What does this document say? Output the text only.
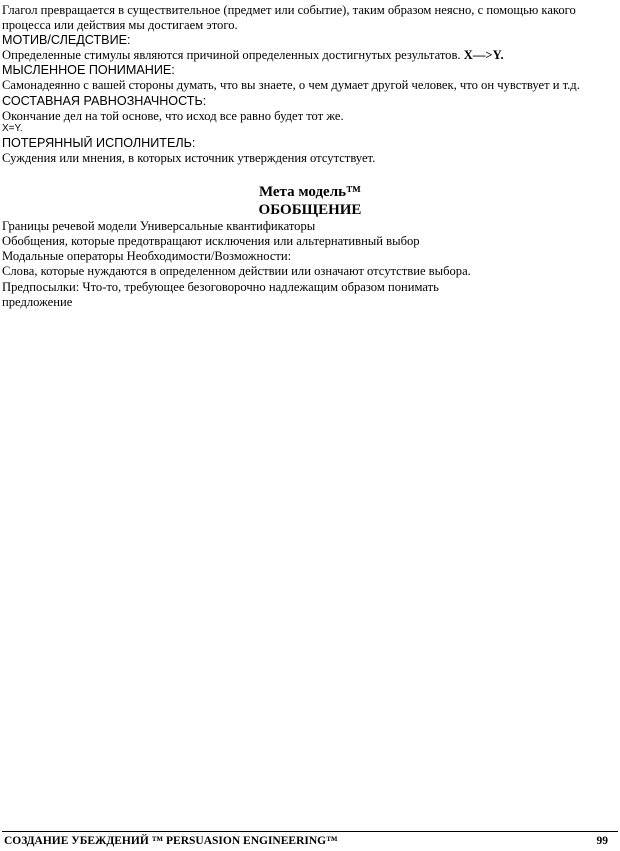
Глагол превращается в существительное (предмет или событие), таким образом неясно, с помощью какого
процесса или действия мы достигаем этого.
МОТИВ/СЛЕДСТВИЕ:
Определенные стимулы являются причиной определенных достигнутых результатов. X—>Y.
МЫСЛЕННОЕ ПОНИМАНИЕ:
Самонадеянно с вашей стороны думать, что вы знаете, о чем думает другой человек, что он чувствует и т.д.
СОСТАВНАЯ РАВНОЗНАЧНОСТЬ:
Окончание дел на той основе, что исход все равно будет тот же.
X=Y.
ПОТЕРЯННЫЙ ИСПОЛНИТЕЛЬ:
Суждения или мнения, в которых источник утверждения отсутствует.
Мета модель™
ОБОБЩЕНИЕ
Границы речевой модели Универсальные квантификаторы
Обобщения, которые предотвращают исключения или альтернативный выбор
Модальные операторы Необходимости/Возможности:
Слова, которые нуждаются в определенном действии или означают отсутствие выбора.
Предпосылки: Что-то, требующее безоговорочно надлежащим образом понимать
предложение
СОЗДАНИЕ УБЕЖДЕНИЙ ™ PERSUASION ENGINEERING™	99
